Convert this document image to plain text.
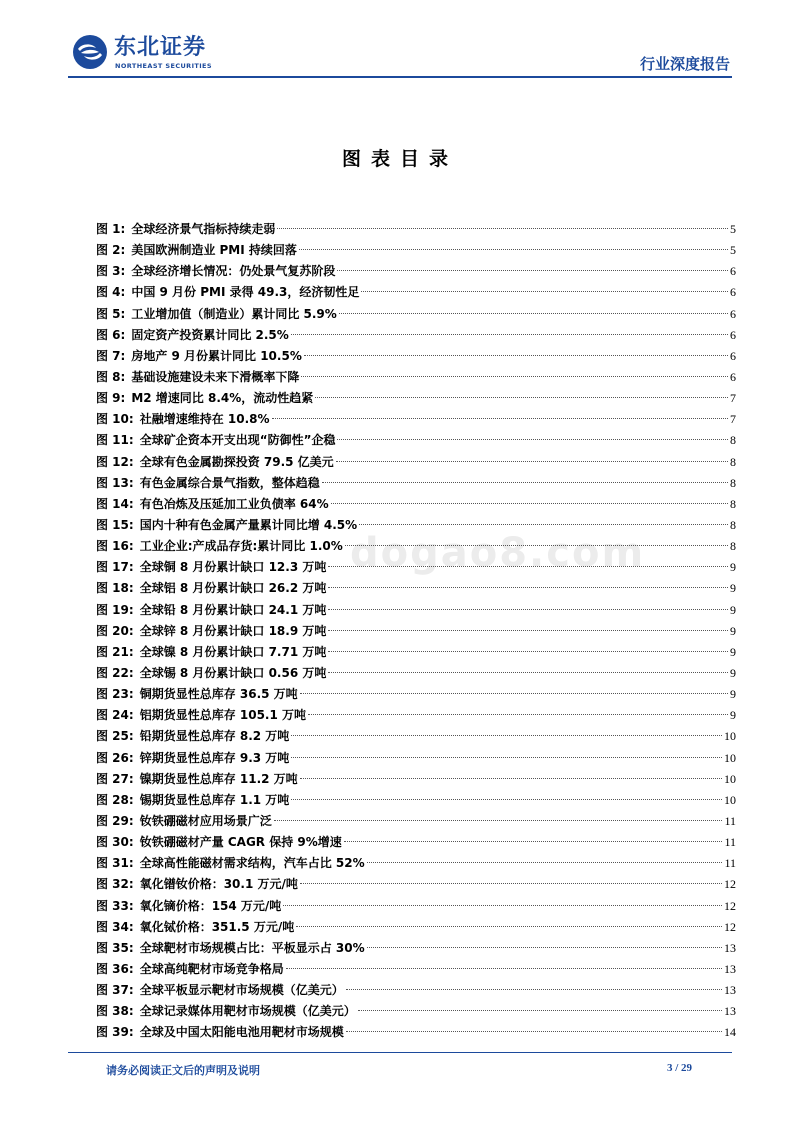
东北证券
NORTHEAST SECURITIES	行业深度报告
图表目录
dogao8.com
图 1: 全球经济景气指标持续走弱	5
图 2: 美国欧洲制造业 PMI 持续回落	5
图 3: 全球经济增长情况：仍处景气复苏阶段	6
图 4: 中国 9 月份 PMI 录得 49.3，经济韧性足	6
图 5: 工业增加值（制造业）累计同比 5.9%	6
图 6: 固定资产投资累计同比 2.5%	6
图 7: 房地产 9 月份累计同比 10.5%	6
图 8: 基础设施建设未来下滑概率下降	6
图 9: M2 增速同比 8.4%，流动性趋紧	7
图 10: 社融增速维持在 10.8%	7
图 11: 全球矿企资本开支出现“防御性”企稳	8
图 12: 全球有色金属勘探投资 79.5 亿美元	8
图 13: 有色金属综合景气指数，整体趋稳	8
图 14: 有色冶炼及压延加工业负债率 64%	8
图 15: 国内十种有色金属产量累计同比增 4.5%	8
图 16: 工业企业:产成品存货:累计同比 1.0%	8
图 17: 全球铜 8 月份累计缺口 12.3 万吨	9
图 18: 全球铝 8 月份累计缺口 26.2 万吨	9
图 19: 全球铅 8 月份累计缺口 24.1 万吨	9
图 20: 全球锌 8 月份累计缺口 18.9 万吨	9
图 21: 全球镍 8 月份累计缺口 7.71 万吨	9
图 22: 全球锡 8 月份累计缺口 0.56 万吨	9
图 23: 铜期货显性总库存 36.5 万吨	9
图 24: 铝期货显性总库存 105.1 万吨	9
图 25: 铅期货显性总库存 8.2 万吨	10
图 26: 锌期货显性总库存 9.3 万吨	10
图 27: 镍期货显性总库存 11.2 万吨	10
图 28: 锡期货显性总库存 1.1 万吨	10
图 29: 钕铁硼磁材应用场景广泛	11
图 30: 钕铁硼磁材产量 CAGR 保持 9%增速	11
图 31: 全球高性能磁材需求结构，汽车占比 52%	11
图 32: 氧化镨钕价格：30.1 万元/吨	12
图 33: 氧化镝价格：154 万元/吨	12
图 34: 氧化铽价格：351.5 万元/吨	12
图 35: 全球靶材市场规模占比：平板显示占 30%	13
图 36: 全球高纯靶材市场竞争格局	13
图 37: 全球平板显示靶材市场规模（亿美元）	13
图 38: 全球记录媒体用靶材市场规模（亿美元）	13
图 39: 全球及中国太阳能电池用靶材市场规模	14
请务必阅读正文后的声明及说明	3 / 29
